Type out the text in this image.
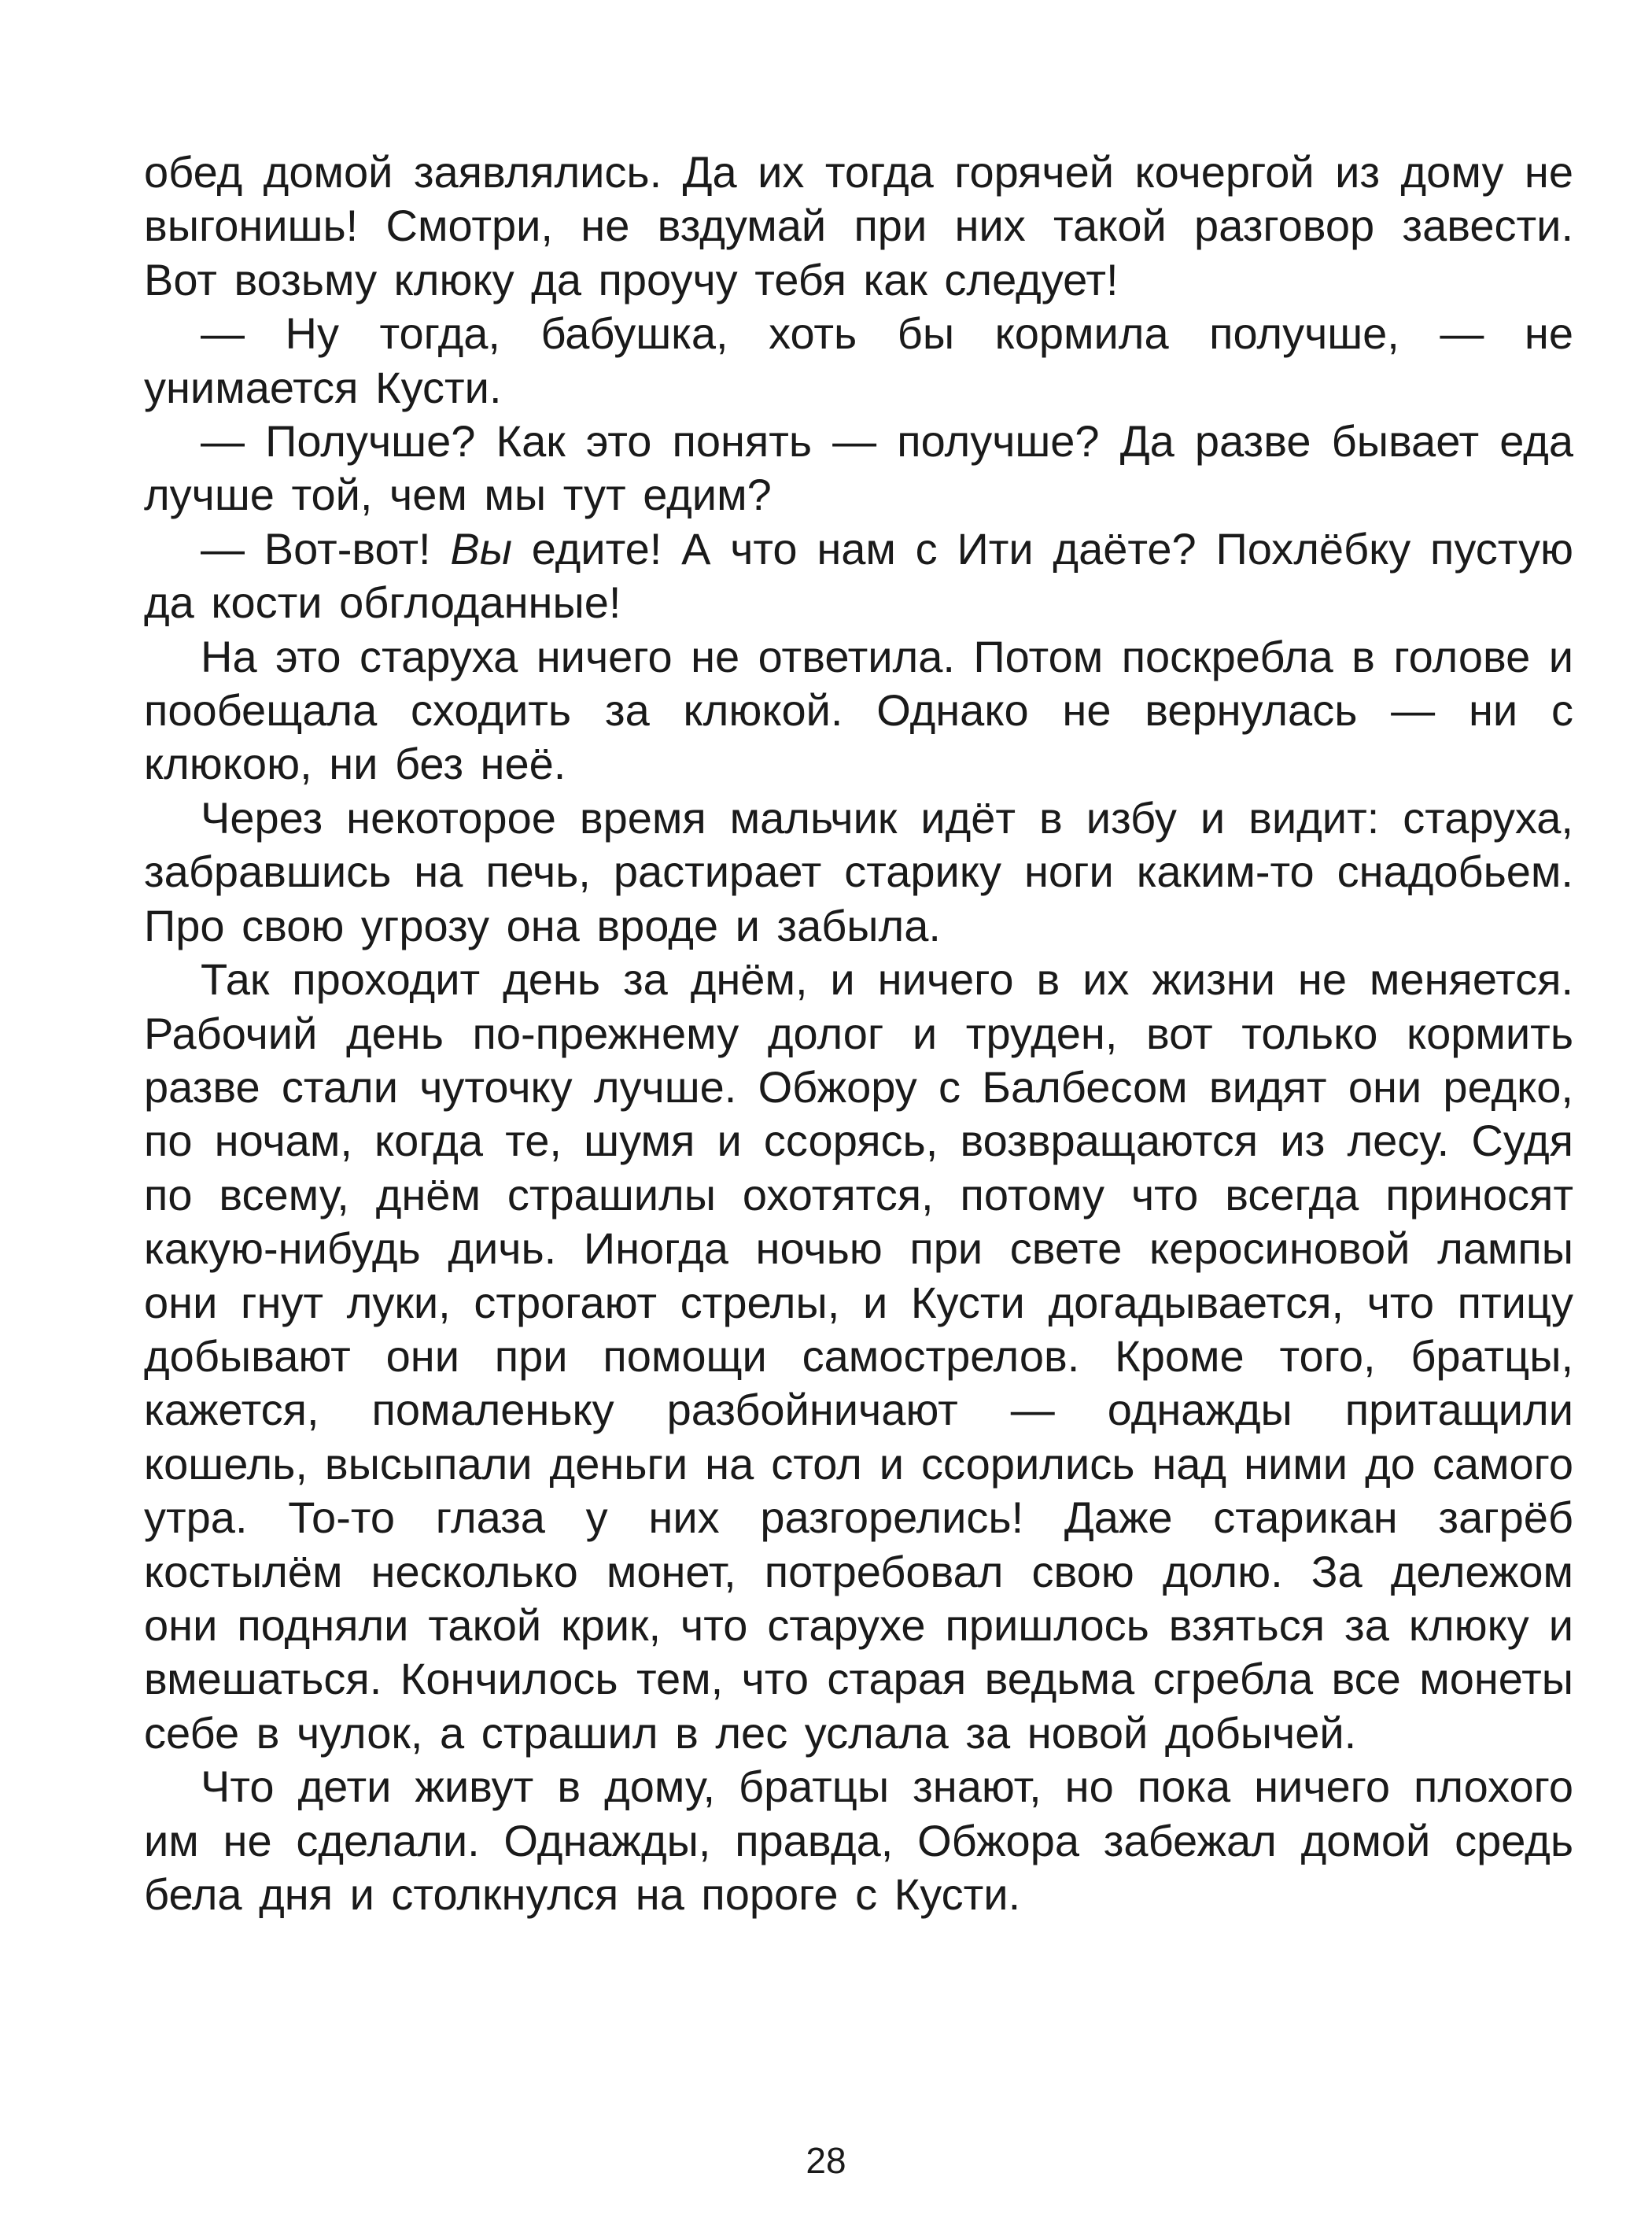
обед домой заявлялись. Да их тогда горячей кочергой из дому не выгонишь! Смотри, не вздумай при них такой разговор завести. Вот возьму клюку да проучу тебя как следует!

— Ну тогда, бабушка, хоть бы кормила получше, — не унимается Кусти.

— Получше? Как это понять — получше? Да разве бывает еда лучше той, чем мы тут едим?

— Вот-вот! Вы едите! А что нам с Ити даёте? Похлёбку пустую да кости обглоданные!

На это старуха ничего не ответила. Потом поскребла в голове и пообещала сходить за клюкой. Однако не вернулась — ни с клюкою, ни без неё.

Через некоторое время мальчик идёт в избу и видит: старуха, забравшись на печь, растирает старику ноги каким-то снадобьем. Про свою угрозу она вроде и забыла.

Так проходит день за днём, и ничего в их жизни не меняется. Рабочий день по-прежнему долог и труден, вот только кормить разве стали чуточку лучше. Обжору с Балбесом видят они редко, по ночам, когда те, шумя и ссорясь, возвращаются из лесу. Судя по всему, днём страшилы охотятся, потому что всегда приносят какую-нибудь дичь. Иногда ночью при свете керосиновой лампы они гнут луки, строгают стрелы, и Кусти догадывается, что птицу добывают они при помощи самострелов. Кроме того, братцы, кажется, помаленьку разбойничают — однажды притащили кошель, высыпали деньги на стол и ссорились над ними до самого утра. То-то глаза у них разгорелись! Даже старикан загрёб костылём несколько монет, потребовал свою долю. За дележом они подняли такой крик, что старухе пришлось взяться за клюку и вмешаться. Кончилось тем, что старая ведьма сгребла все монеты себе в чулок, а страшил в лес услала за новой добычей.

Что дети живут в дому, братцы знают, но пока ничего плохого им не сделали. Однажды, правда, Обжора забежал домой средь бела дня и столкнулся на пороге с Кусти.

28
